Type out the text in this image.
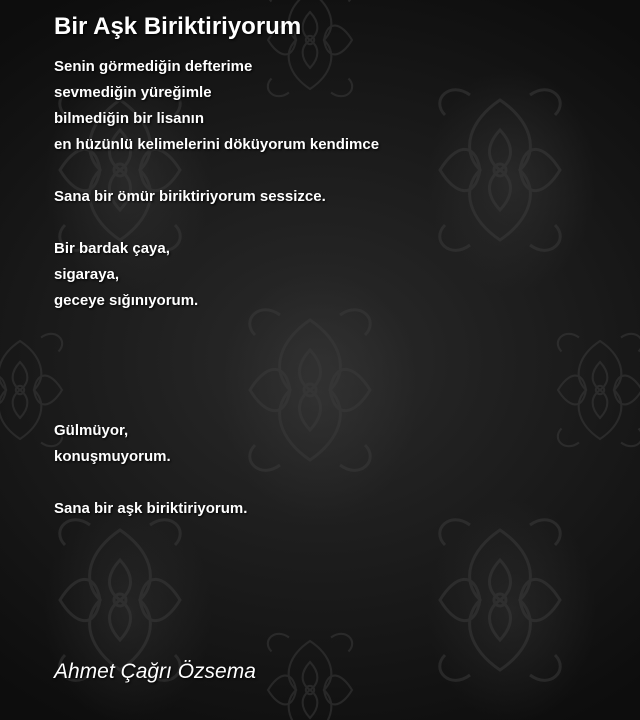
Bir Aşk Biriktiriyorum
Senin görmediğin defterime
sevmediğin yüreğimle
bilmediğin bir lisanın
en hüzünlü kelimelerini döküyorum kendimce
Sana bir ömür biriktiriyorum sessizce.
Bir bardak çaya,
sigaraya,
geceye sığınıyorum.
Gülmüyor,
konuşmuyorum.
Sana bir aşk biriktiriyorum.
Ahmet Çağrı Özsema
